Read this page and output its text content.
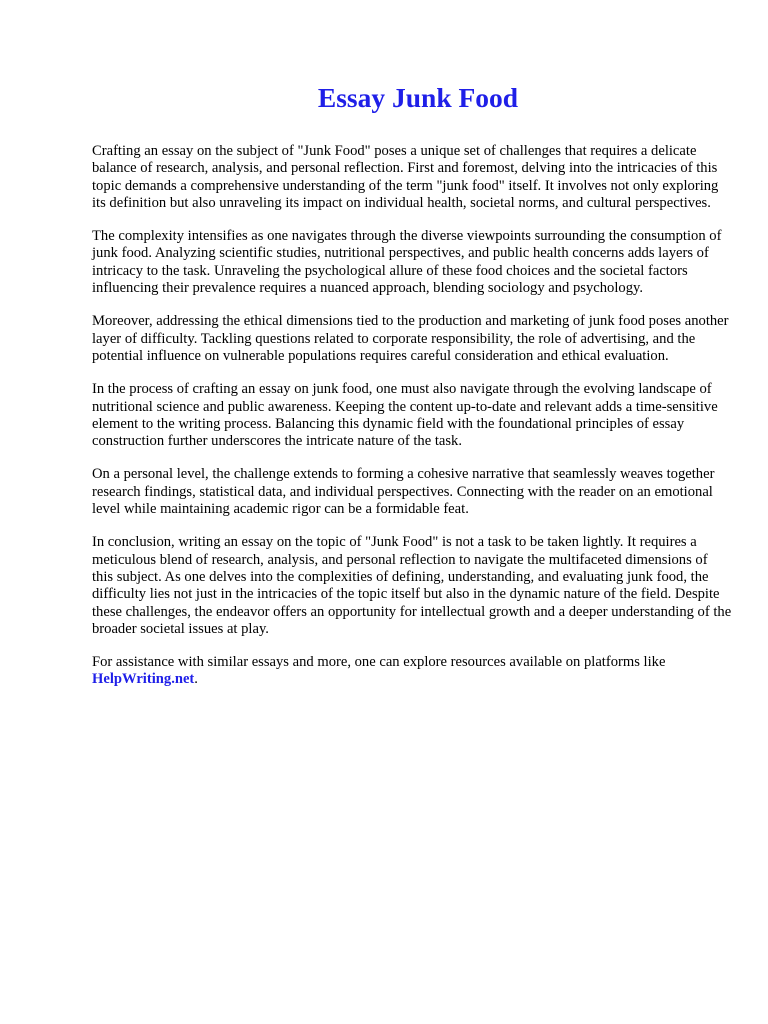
Essay Junk Food

Crafting an essay on the subject of "Junk Food" poses a unique set of challenges that requires a delicate balance of research, analysis, and personal reflection. First and foremost, delving into the intricacies of this topic demands a comprehensive understanding of the term "junk food" itself. It involves not only exploring its definition but also unraveling its impact on individual health, societal norms, and cultural perspectives.

The complexity intensifies as one navigates through the diverse viewpoints surrounding the consumption of junk food. Analyzing scientific studies, nutritional perspectives, and public health concerns adds layers of intricacy to the task. Unraveling the psychological allure of these food choices and the societal factors influencing their prevalence requires a nuanced approach, blending sociology and psychology.

Moreover, addressing the ethical dimensions tied to the production and marketing of junk food poses another layer of difficulty. Tackling questions related to corporate responsibility, the role of advertising, and the potential influence on vulnerable populations requires careful consideration and ethical evaluation.

In the process of crafting an essay on junk food, one must also navigate through the evolving landscape of nutritional science and public awareness. Keeping the content up-to-date and relevant adds a time-sensitive element to the writing process. Balancing this dynamic field with the foundational principles of essay construction further underscores the intricate nature of the task.

On a personal level, the challenge extends to forming a cohesive narrative that seamlessly weaves together research findings, statistical data, and individual perspectives. Connecting with the reader on an emotional level while maintaining academic rigor can be a formidable feat.

In conclusion, writing an essay on the topic of "Junk Food" is not a task to be taken lightly. It requires a meticulous blend of research, analysis, and personal reflection to navigate the multifaceted dimensions of this subject. As one delves into the complexities of defining, understanding, and evaluating junk food, the difficulty lies not just in the intricacies of the topic itself but also in the dynamic nature of the field. Despite these challenges, the endeavor offers an opportunity for intellectual growth and a deeper understanding of the broader societal issues at play.

For assistance with similar essays and more, one can explore resources available on platforms like HelpWriting.net.
